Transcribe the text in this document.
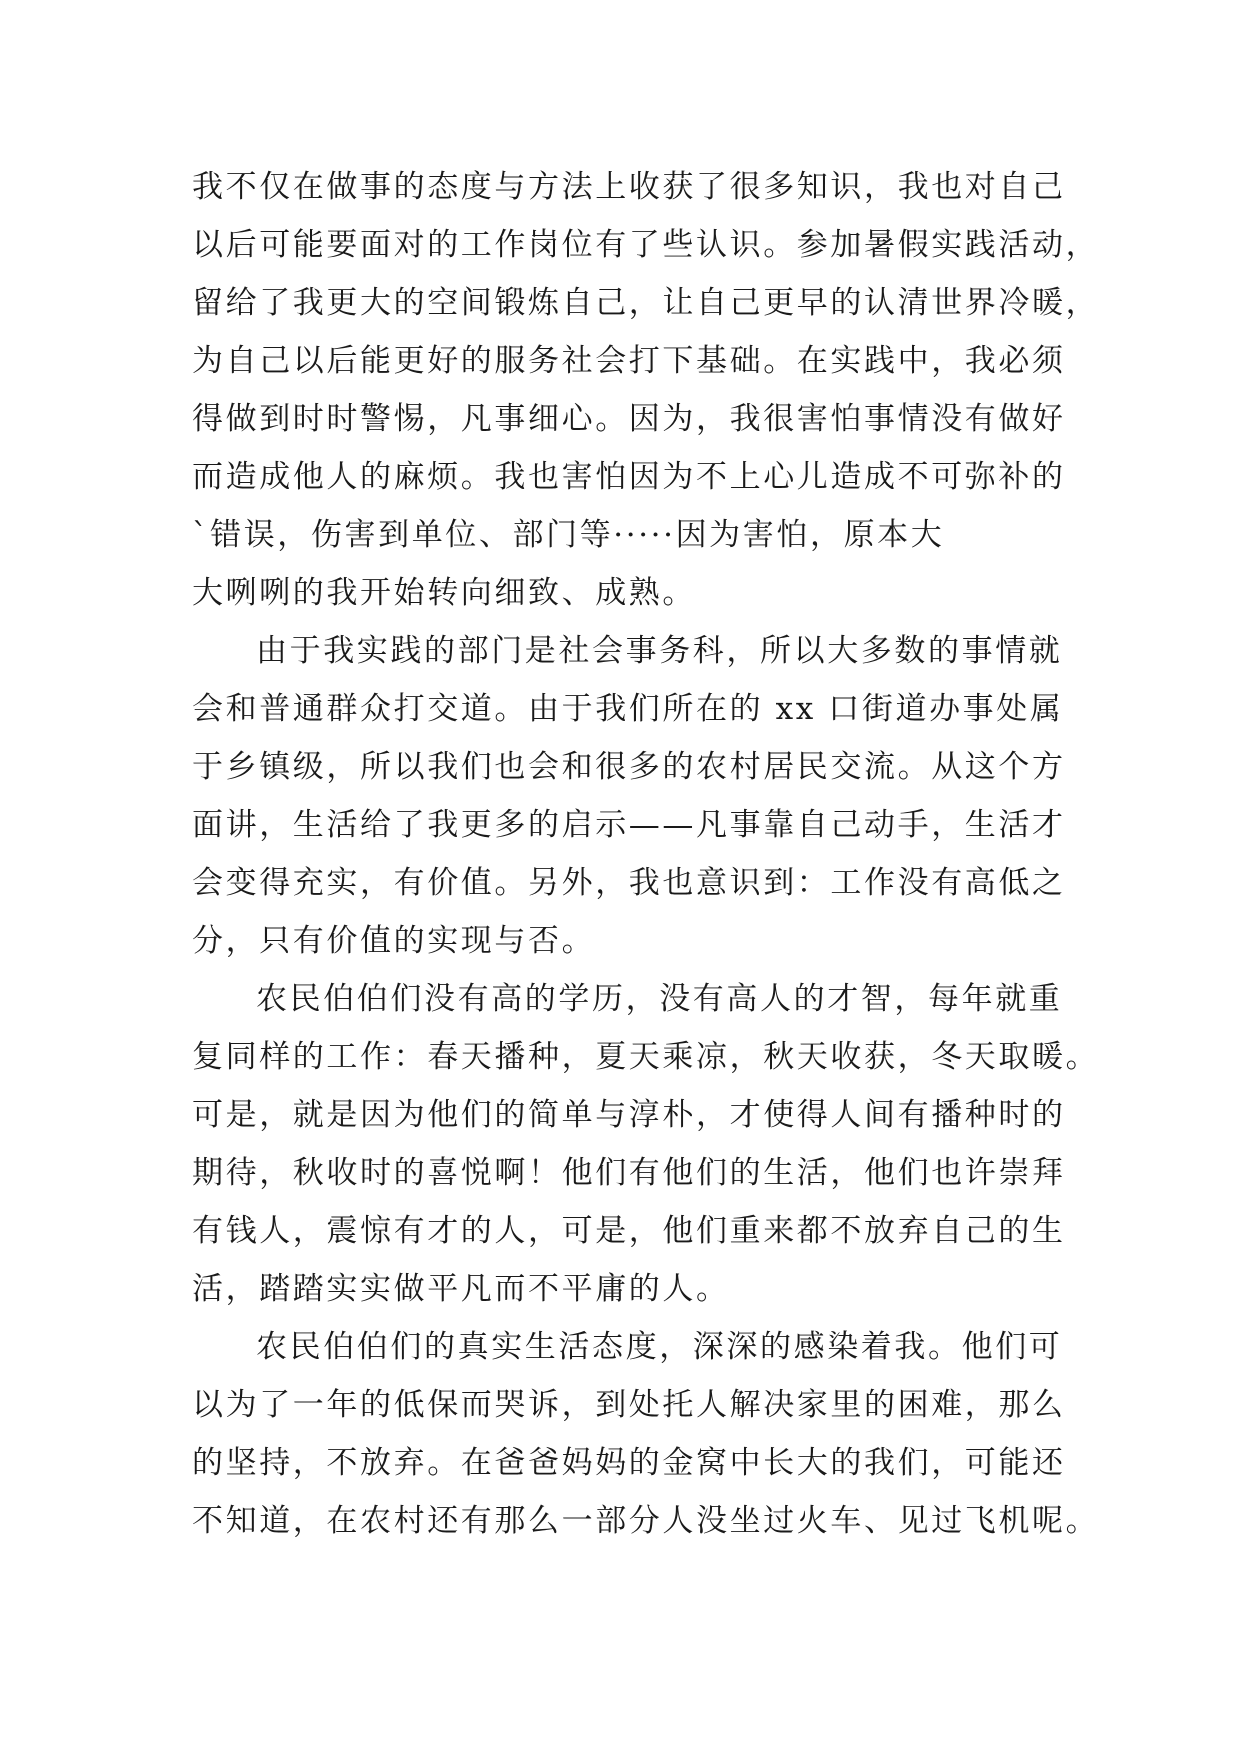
我不仅在做事的态度与方法上收获了很多知识，我也对自己
以后可能要面对的工作岗位有了些认识。参加暑假实践活动，
留给了我更大的空间锻炼自己，让自己更早的认清世界冷暖，
为自己以后能更好的服务社会打下基础。在实践中，我必须
得做到时时警惕，凡事细心。因为，我很害怕事情没有做好
而造成他人的麻烦。我也害怕因为不上心儿造成不可弥补的
`错误，伤害到单位、部门等·····因为害怕，原本大
大咧咧的我开始转向细致、成熟。
由于我实践的部门是社会事务科，所以大多数的事情就
会和普通群众打交道。由于我们所在的 xx 口街道办事处属
于乡镇级，所以我们也会和很多的农村居民交流。从这个方
面讲，生活给了我更多的启示——凡事靠自己动手，生活才
会变得充实，有价值。另外，我也意识到：工作没有高低之
分，只有价值的实现与否。
农民伯伯们没有高的学历，没有高人的才智，每年就重
复同样的工作：春天播种，夏天乘凉，秋天收获，冬天取暖。
可是，就是因为他们的简单与淳朴，才使得人间有播种时的
期待，秋收时的喜悦啊！他们有他们的生活，他们也许崇拜
有钱人，震惊有才的人，可是，他们重来都不放弃自己的生
活，踏踏实实做平凡而不平庸的人。
农民伯伯们的真实生活态度，深深的感染着我。他们可
以为了一年的低保而哭诉，到处托人解决家里的困难，那么
的坚持，不放弃。在爸爸妈妈的金窝中长大的我们，可能还
不知道，在农村还有那么一部分人没坐过火车、见过飞机呢。
